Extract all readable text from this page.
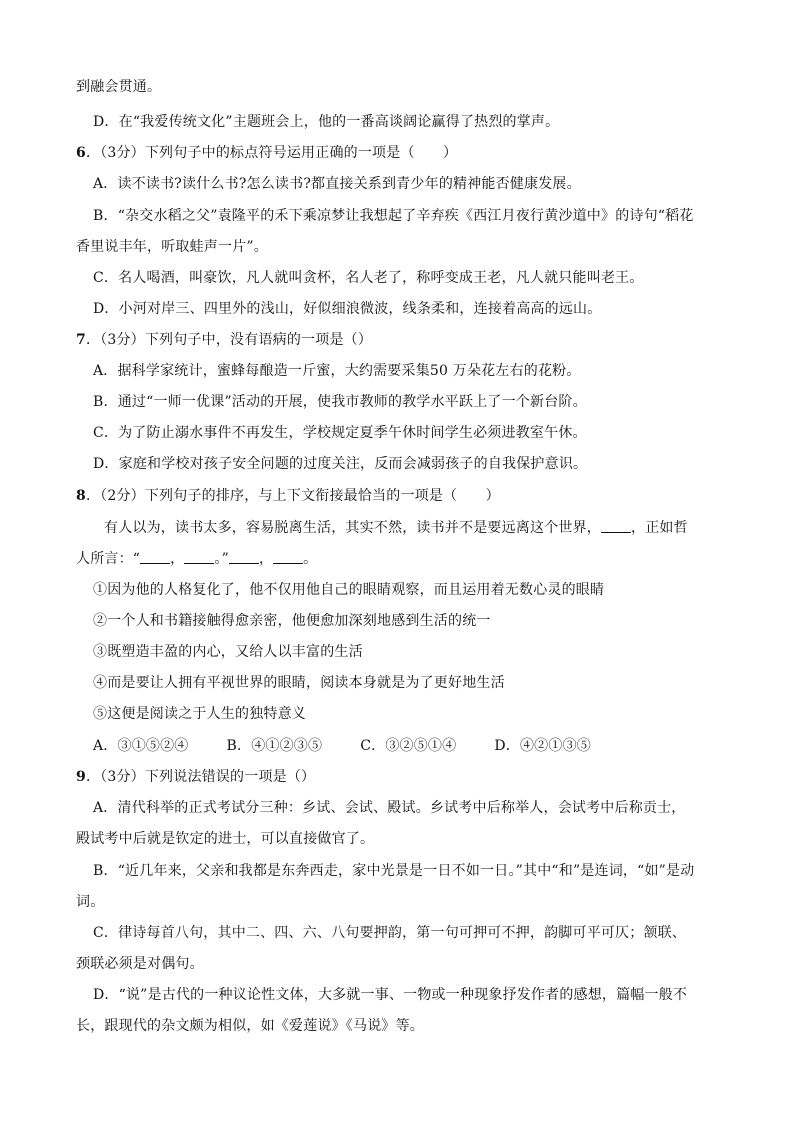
到融会贯通。
D．在“我爱传统文化”主题班会上，他的一番高谈阔论赢得了热烈的掌声。
6．（3分）下列句子中的标点符号运用正确的一项是（　　）
A．读不读书?读什么书?怎么读书?都直接关系到青少年的精神能否健康发展。
B．“杂交水稻之父”袁隆平的禾下乘凉梦让我想起了辛弃疾《西江月夜行黄沙道中》的诗句“稻花
香里说丰年，听取蛙声一片”。
C．名人喝酒，叫豪饮，凡人就叫贪杯，名人老了，称呼变成王老，凡人就只能叫老王。
D．小河对岸三、四里外的浅山，好似细浪微波，线条柔和，连接着高高的远山。
7．（3分）下列句子中，没有语病的一项是（）
A．据科学家统计，蜜蜂每酿造一斤蜜，大约需要采集50 万朵花左右的花粉。
B．通过“一师一优课”活动的开展，使我市教师的教学水平跃上了一个新台阶。
C．为了防止溺水事件不再发生，学校规定夏季午休时间学生必须进教室午休。
D．家庭和学校对孩子安全问题的过度关注，反而会减弱孩子的自我保护意识。
8．（2分）下列句子的排序，与上下文衔接最恰当的一项是（　　）
有人以为，读书太多，容易脱离生活，其实不然，读书并不是要远离这个世界， ，正如哲
人所言：“ ， 。” ， 。
①因为他的人格复化了，他不仅用他自己的眼睛观察，而且运用着无数心灵的眼睛
②一个人和书籍接触得愈亲密，他便愈加深刻地感到生活的统一
③既塑造丰盈的内心，又给人以丰富的生活
④而是要让人拥有平视世界的眼睛，阅读本身就是为了更好地生活
⑤这便是阅读之于人生的独特意义
A．③①⑤②④	B．④①②③⑤	C．③②⑤①④	D．④②①③⑤
9．（3分）下列说法错误的一项是（）
A．清代科举的正式考试分三种：乡试、会试、殿试。乡试考中后称举人，会试考中后称贡士，
殿试考中后就是钦定的进士，可以直接做官了。
B．“近几年来，父亲和我都是东奔西走，家中光景是一日不如一日。”其中“和”是连词，“如”是动
词。
C．律诗每首八句，其中二、四、六、八句要押韵，第一句可押可不押，韵脚可平可仄；颔联、
颈联必须是对偶句。
D．“说”是古代的一种议论性文体，大多就一事、一物或一种现象抒发作者的感想，篇幅一般不
长，跟现代的杂文颇为相似，如《爱莲说》《马说》等。
